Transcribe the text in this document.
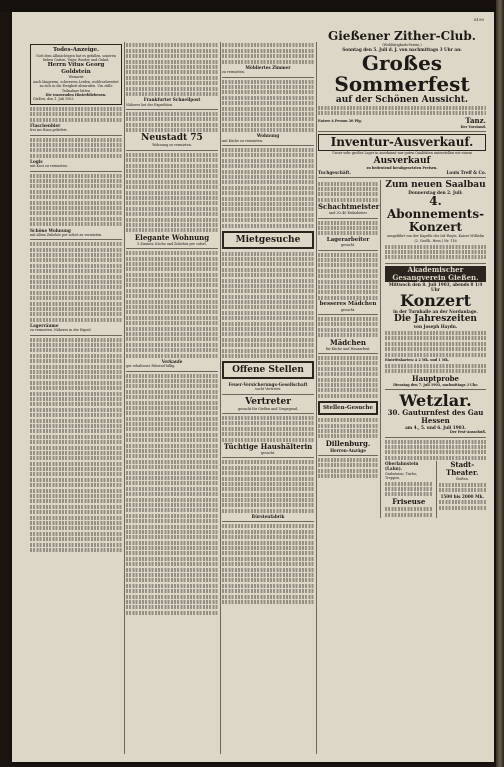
8190
Todes-Anzeige.
Gott dem Allmächtigen hat es gefallen, unseren lieben Gatten, Vater, Bruder und Onkel,
Herrn Vitus Georg Goldstein
Weinwirt
nach längerem, schwerem Leiden, wohlvorbereitet zu sich in die Ewigkeit abzurufen. Um stille Teilnahme bitten
Die trauernden Hinterbliebenen.
Gießen, den 1. Juli 1903.
Flaschenbier
frei ins Haus geliefert.
Logis
mit Kost zu vermieten.
Schöne Wohnung
mit allem Zubehör per sofort zu vermieten.
Lagerräume
zu vermieten. Näheres in der Exped.
Frankfurter Schnellpost
Näheres bei der Expedition.
Neustadt 75
Wohnung zu vermieten.
Elegante Wohnung
5 Zimmer, Küche und Zubehör per sofort.
Verkaufe
gut erhaltenes Fahrrad billig.
Möbliertes Zimmer
zu vermieten.
Wohnung
mit Küche zu vermieten.
Mietgesuche
Offene Stellen
Feuer-Versicherungs-Gesellschaft
sucht Vertreter.
Vertreter
gesucht für Gießen und Umgegend.
Tüchtige Haushälterin
gesucht.
Bürstenfabrik
Gießener Zither-Club.
(Wohltätigkeits-Verein.)
Sonntag den 5. Juli d. J. von nachmittags 3 Uhr an:
Großes Sommerfest
auf der Schönen Aussicht.
Entree à Person 20 Pfg.	Tanz.
Der Vorstand.
Inventur-Ausverkauf.
Unser sehr großes Lager in anerkannt nur guten Qualitäten unterstellen wir einem
Ausverkauf
zu bedeutend herabgesetzten Preisen.
Tuchgeschäft.	Louis Treff & Co.
Schachtmeister
und 30–40 Erdarbeiter
Lagerarbeiter
gesucht.
besseres Mädchen
gesucht.
Mädchen
für Küche und Hausarbeit.
Stellen-Gesuche
Dillenburg.
Herren-Anzüge
Zum neuen Saalbau
Donnerstag den 2. Juli:
4. Abonnements-Konzert
ausgeführt von der Kapelle des Inf.-Regts. Kaiser Wilhelm (2. Großh. Hess.) Nr. 116
Akademischer Gesangverein Gießen.
Mittwoch den 8. Juli 1903, abends 8 1/4 Uhr
Konzert
in der Turnhalle an der Nordanlage.
Die Jahreszeiten
von Joseph Haydn.
Eintrittskarten: à 2 Mk. und 1 Mk.
Hauptprobe
Dienstag den 7. Juli 1903, nachmittags 3 Uhr.
Wetzlar.
30. Gauturnfest des Gau Hessen
am 4., 5. und 6. Juli 1903.
Der Fest-Ausschuß.
Oberlahnstein (Lahn).
Grabsteine, Tische, Treppen,
Friseuse
Stadt-Theater.
Gießen.
1500 bis 2000 Mk.
